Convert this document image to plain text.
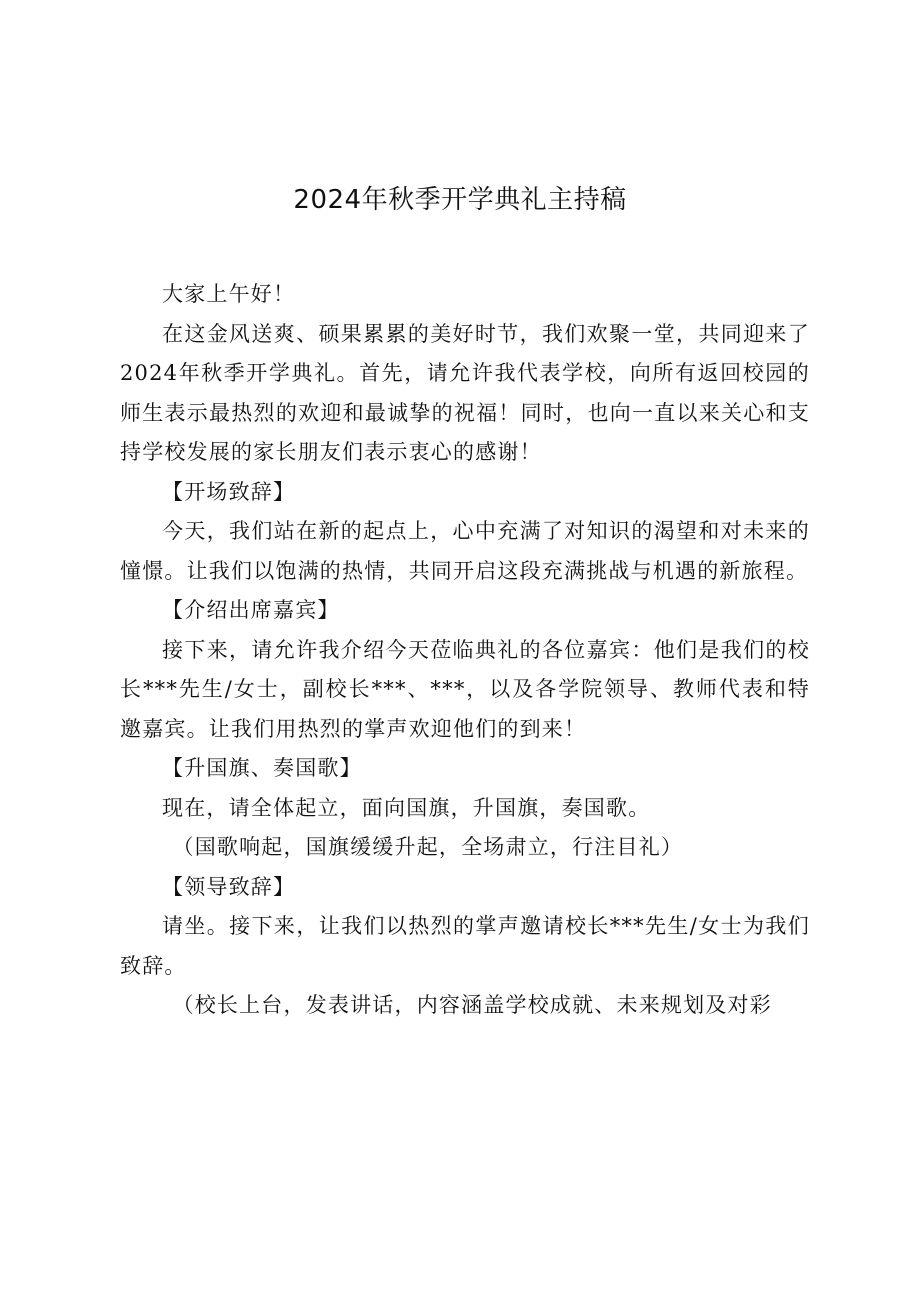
2024年秋季开学典礼主持稿

大家上午好！

在这金风送爽、硕果累累的美好时节，我们欢聚一堂，共同迎来了2024年秋季开学典礼。首先，请允许我代表学校，向所有返回校园的师生表示最热烈的欢迎和最诚挚的祝福！同时，也向一直以来关心和支持学校发展的家长朋友们表示衷心的感谢！

【开场致辞】

今天，我们站在新的起点上，心中充满了对知识的渴望和对未来的憧憬。让我们以饱满的热情，共同开启这段充满挑战与机遇的新旅程。

【介绍出席嘉宾】

接下来，请允许我介绍今天莅临典礼的各位嘉宾：他们是我们的校长***先生/女士，副校长***、***，以及各学院领导、教师代表和特邀嘉宾。让我们用热烈的掌声欢迎他们的到来！

【升国旗、奏国歌】

现在，请全体起立，面向国旗，升国旗，奏国歌。

（国歌响起，国旗缓缓升起，全场肃立，行注目礼）

【领导致辞】

请坐。接下来，让我们以热烈的掌声邀请校长***先生/女士为我们致辞。

（校长上台，发表讲话，内容涵盖学校成就、未来规划及对彩
